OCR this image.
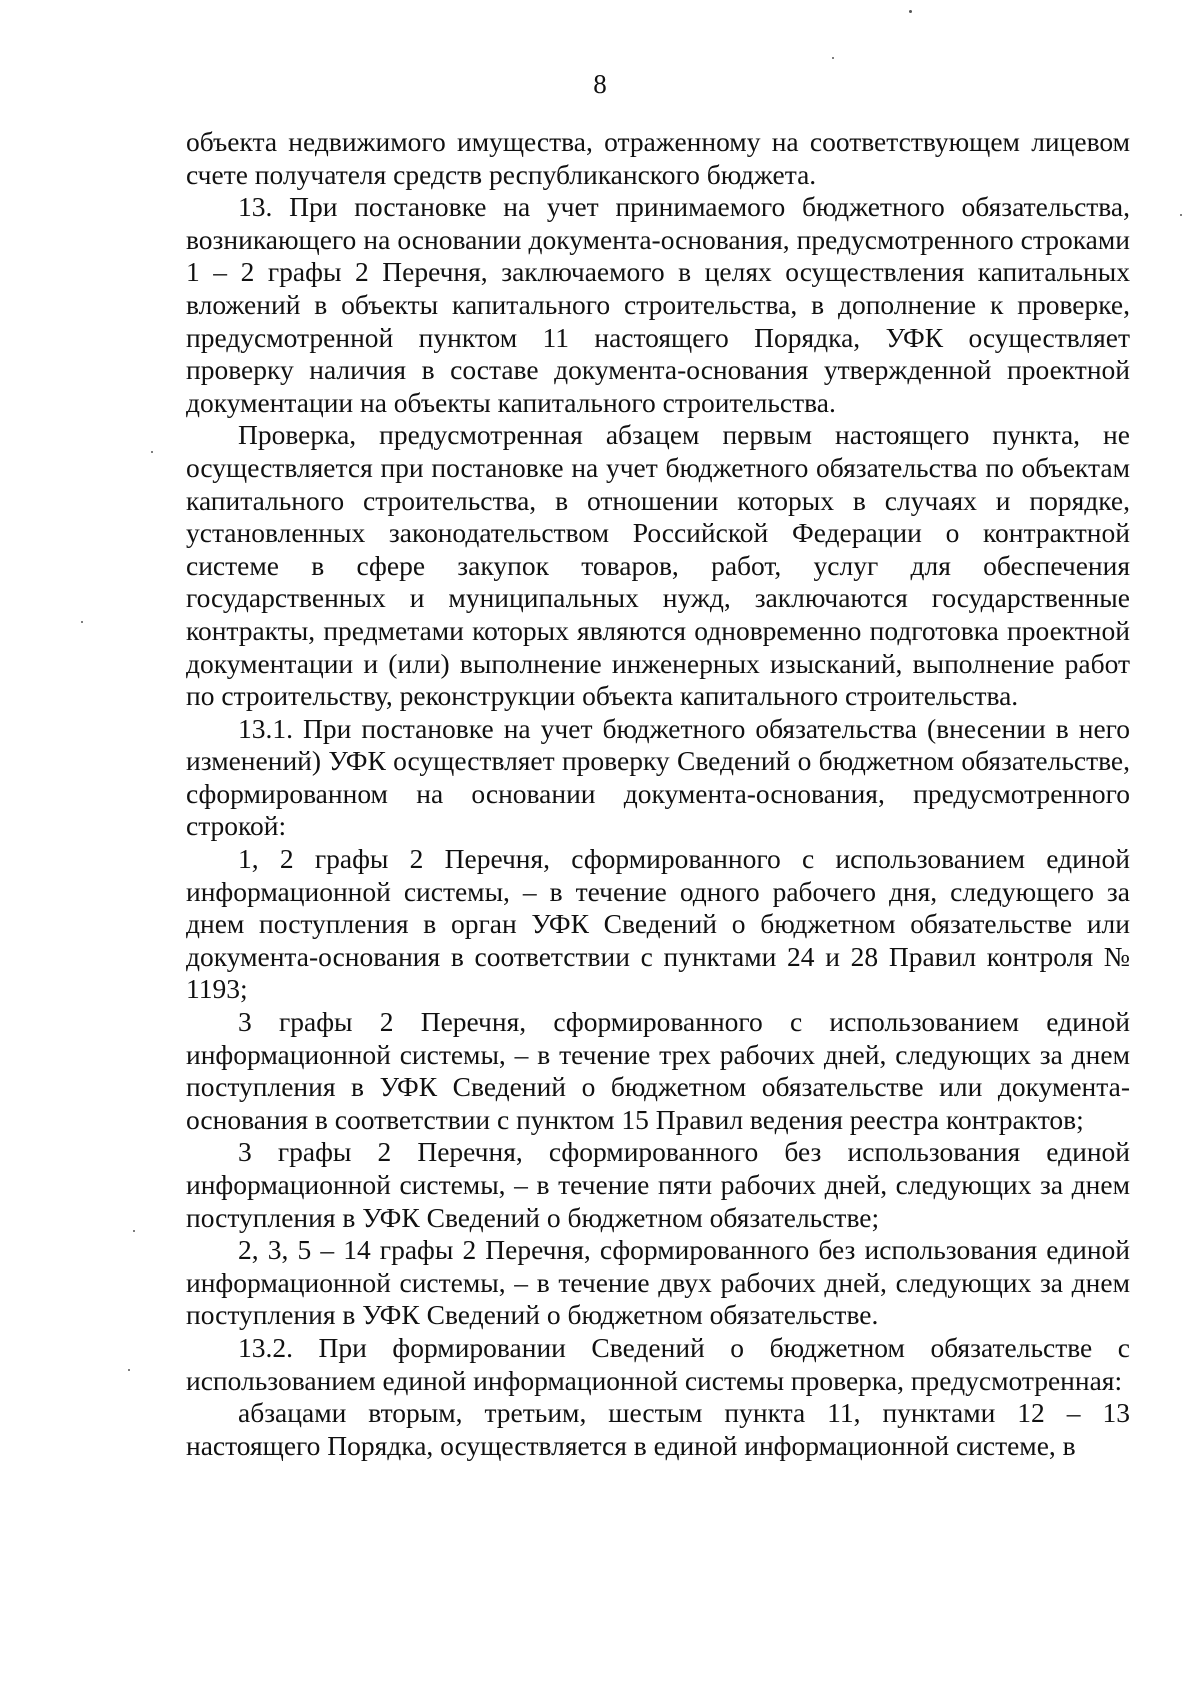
8

объекта недвижимого имущества, отраженному на соответствующем лицевом счете получателя средств республиканского бюджета.

13. При постановке на учет принимаемого бюджетного обязательства, возникающего на основании документа-основания, предусмотренного строками 1 – 2 графы 2 Перечня, заключаемого в целях осуществления капитальных вложений в объекты капитального строительства, в дополнение к проверке, предусмотренной пунктом 11 настоящего Порядка, УФК осуществляет проверку наличия в составе документа-основания утвержденной проектной документации на объекты капитального строительства.

Проверка, предусмотренная абзацем первым настоящего пункта, не осуществляется при постановке на учет бюджетного обязательства по объектам капитального строительства, в отношении которых в случаях и порядке, установленных законодательством Российской Федерации о контрактной системе в сфере закупок товаров, работ, услуг для обеспечения государственных и муниципальных нужд, заключаются государственные контракты, предметами которых являются одновременно подготовка проектной документации и (или) выполнение инженерных изысканий, выполнение работ по строительству, реконструкции объекта капитального строительства.

13.1. При постановке на учет бюджетного обязательства (внесении в него изменений) УФК осуществляет проверку Сведений о бюджетном обязательстве, сформированном на основании документа-основания, предусмотренного строкой:

1, 2 графы 2 Перечня, сформированного с использованием единой информационной системы, – в течение одного рабочего дня, следующего за днем поступления в орган УФК Сведений о бюджетном обязательстве или документа-основания в соответствии с пунктами 24 и 28 Правил контроля № 1193;

3 графы 2 Перечня, сформированного с использованием единой информационной системы, – в течение трех рабочих дней, следующих за днем поступления в УФК Сведений о бюджетном обязательстве или документа-основания в соответствии с пунктом 15 Правил ведения реестра контрактов;

3 графы 2 Перечня, сформированного без использования единой информационной системы, – в течение пяти рабочих дней, следующих за днем поступления в УФК Сведений о бюджетном обязательстве;

2, 3, 5 – 14 графы 2 Перечня, сформированного без использования единой информационной системы, – в течение двух рабочих дней, следующих за днем поступления в УФК Сведений о бюджетном обязательстве.

13.2. При формировании Сведений о бюджетном обязательстве с использованием единой информационной системы проверка, предусмотренная:

абзацами вторым, третьим, шестым пункта 11, пунктами 12 – 13 настоящего Порядка, осуществляется в единой информационной системе, в
